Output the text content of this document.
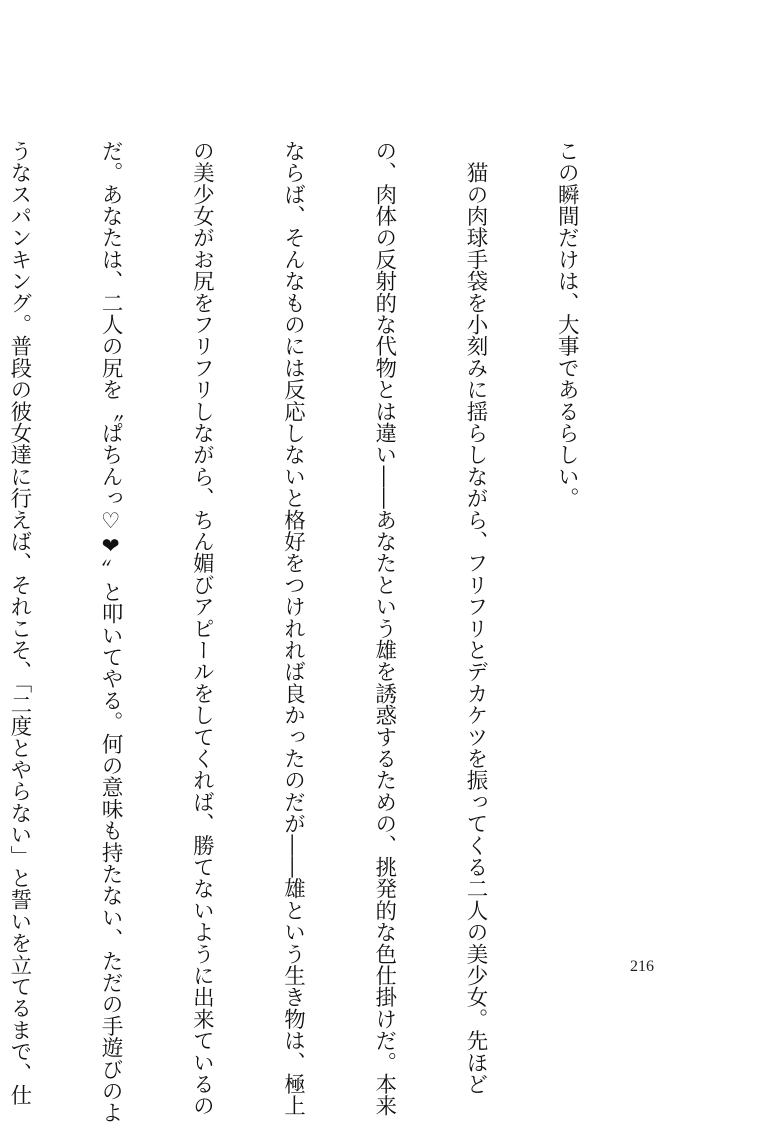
この瞬間だけは、大事であるらしい。

　猫の肉球手袋を小刻みに揺らしながら、フリフリとデカケツを振ってくる二人の美少女。先ほど

の、肉体の反射的な代物とは違い――あなたという雄を誘惑するための、挑発的な色仕掛けだ。本来

ならば、そんなものには反応しないと格好をつけれれば良かったのだが――雄という生き物は、極上

の美少女がお尻をフリフリしながら、ちん媚びアピールをしてくれば、勝てないように出来ているの

だ。あなたは、二人の尻を〝ぱちんっ♡❤〟と叩いてやる。何の意味も持たない、ただの手遊びのよ

うなスパンキング。普段の彼女達に行えば、それこそ、「二度とやらない」と誓いを立てるまで、仕

	216
